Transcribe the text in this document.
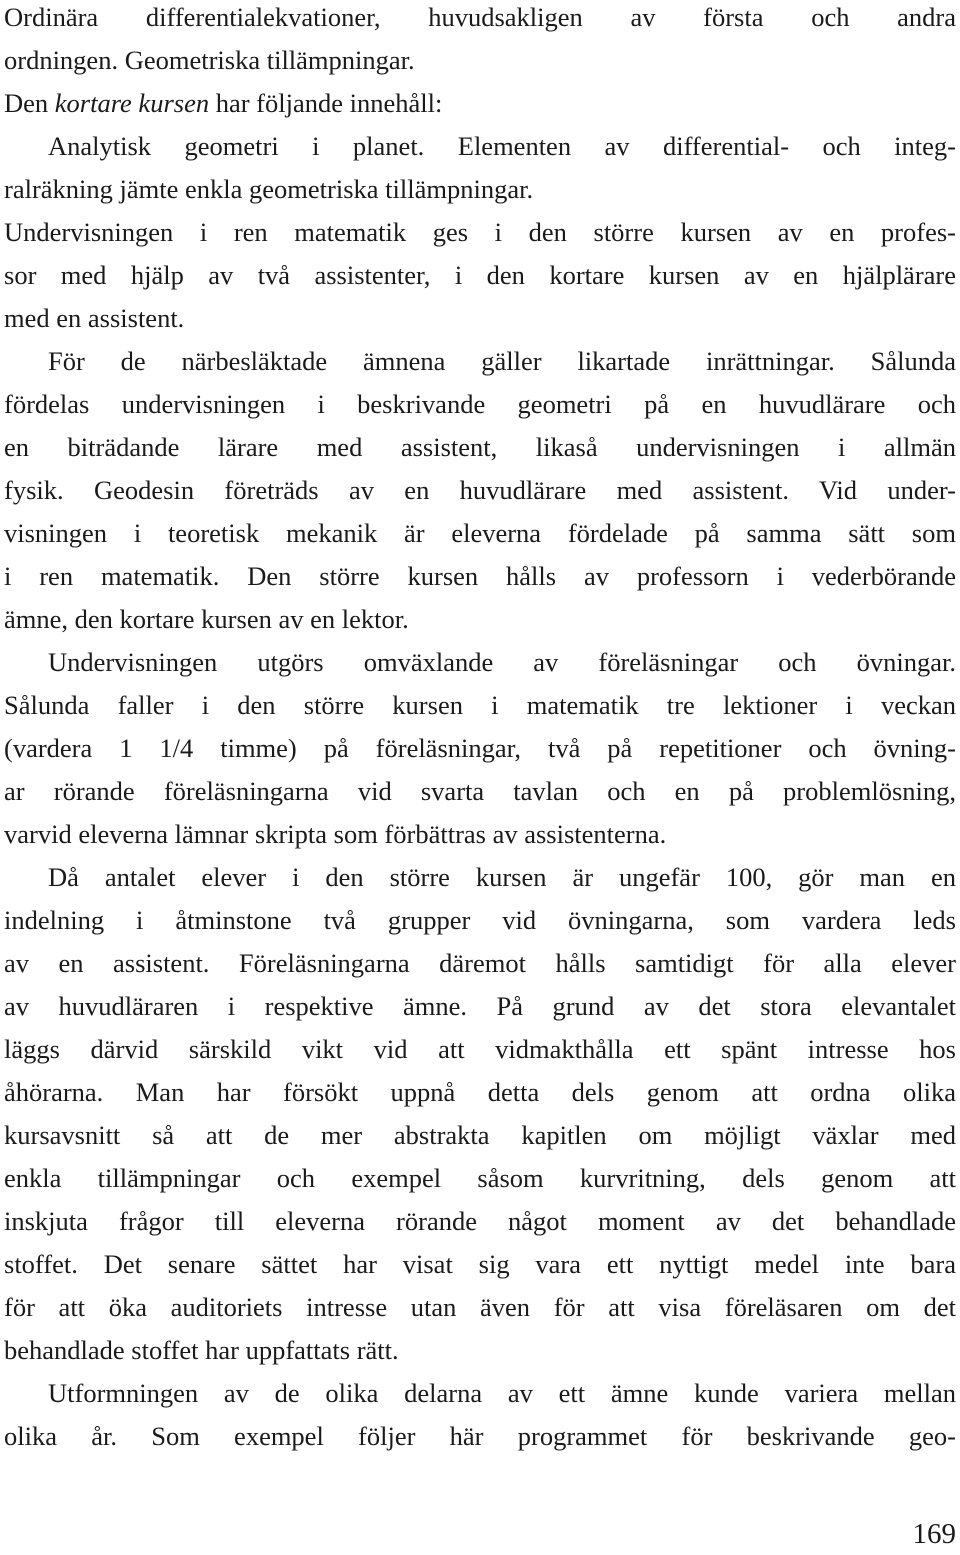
Ordinära differentialekvationer, huvudsakligen av första och andra
ordningen. Geometriska tillämpningar.
Den kortare kursen har följande innehåll:
Analytisk geometri i planet. Elementen av differential- och integ-
ralräkning jämte enkla geometriska tillämpningar.
Undervisningen i ren matematik ges i den större kursen av en profes-
sor med hjälp av två assistenter, i den kortare kursen av en hjälplärare
med en assistent.
För de närbesläktade ämnena gäller likartade inrättningar. Sålunda
fördelas undervisningen i beskrivande geometri på en huvudlärare och
en biträdande lärare med assistent, likaså undervisningen i allmän
fysik. Geodesin företräds av en huvudlärare med assistent. Vid under-
visningen i teoretisk mekanik är eleverna fördelade på samma sätt som
i ren matematik. Den större kursen hålls av professorn i vederbörande
ämne, den kortare kursen av en lektor.
Undervisningen utgörs omväxlande av föreläsningar och övningar.
Sålunda faller i den större kursen i matematik tre lektioner i veckan
(vardera 1 1/4 timme) på föreläsningar, två på repetitioner och övning-
ar rörande föreläsningarna vid svarta tavlan och en på problemlösning,
varvid eleverna lämnar skripta som förbättras av assistenterna.
Då antalet elever i den större kursen är ungefär 100, gör man en
indelning i åtminstone två grupper vid övningarna, som vardera leds
av en assistent. Föreläsningarna däremot hålls samtidigt för alla elever
av huvudläraren i respektive ämne. På grund av det stora elevantalet
läggs därvid särskild vikt vid att vidmakthålla ett spänt intresse hos
åhörarna. Man har försökt uppnå detta dels genom att ordna olika
kursavsnitt så att de mer abstrakta kapitlen om möjligt växlar med
enkla tillämpningar och exempel såsom kurvritning, dels genom att
inskjuta frågor till eleverna rörande något moment av det behandlade
stoffet. Det senare sättet har visat sig vara ett nyttigt medel inte bara
för att öka auditoriets intresse utan även för att visa föreläsaren om det
behandlade stoffet har uppfattats rätt.
Utformningen av de olika delarna av ett ämne kunde variera mellan
olika år. Som exempel följer här programmet för beskrivande geo-
169
